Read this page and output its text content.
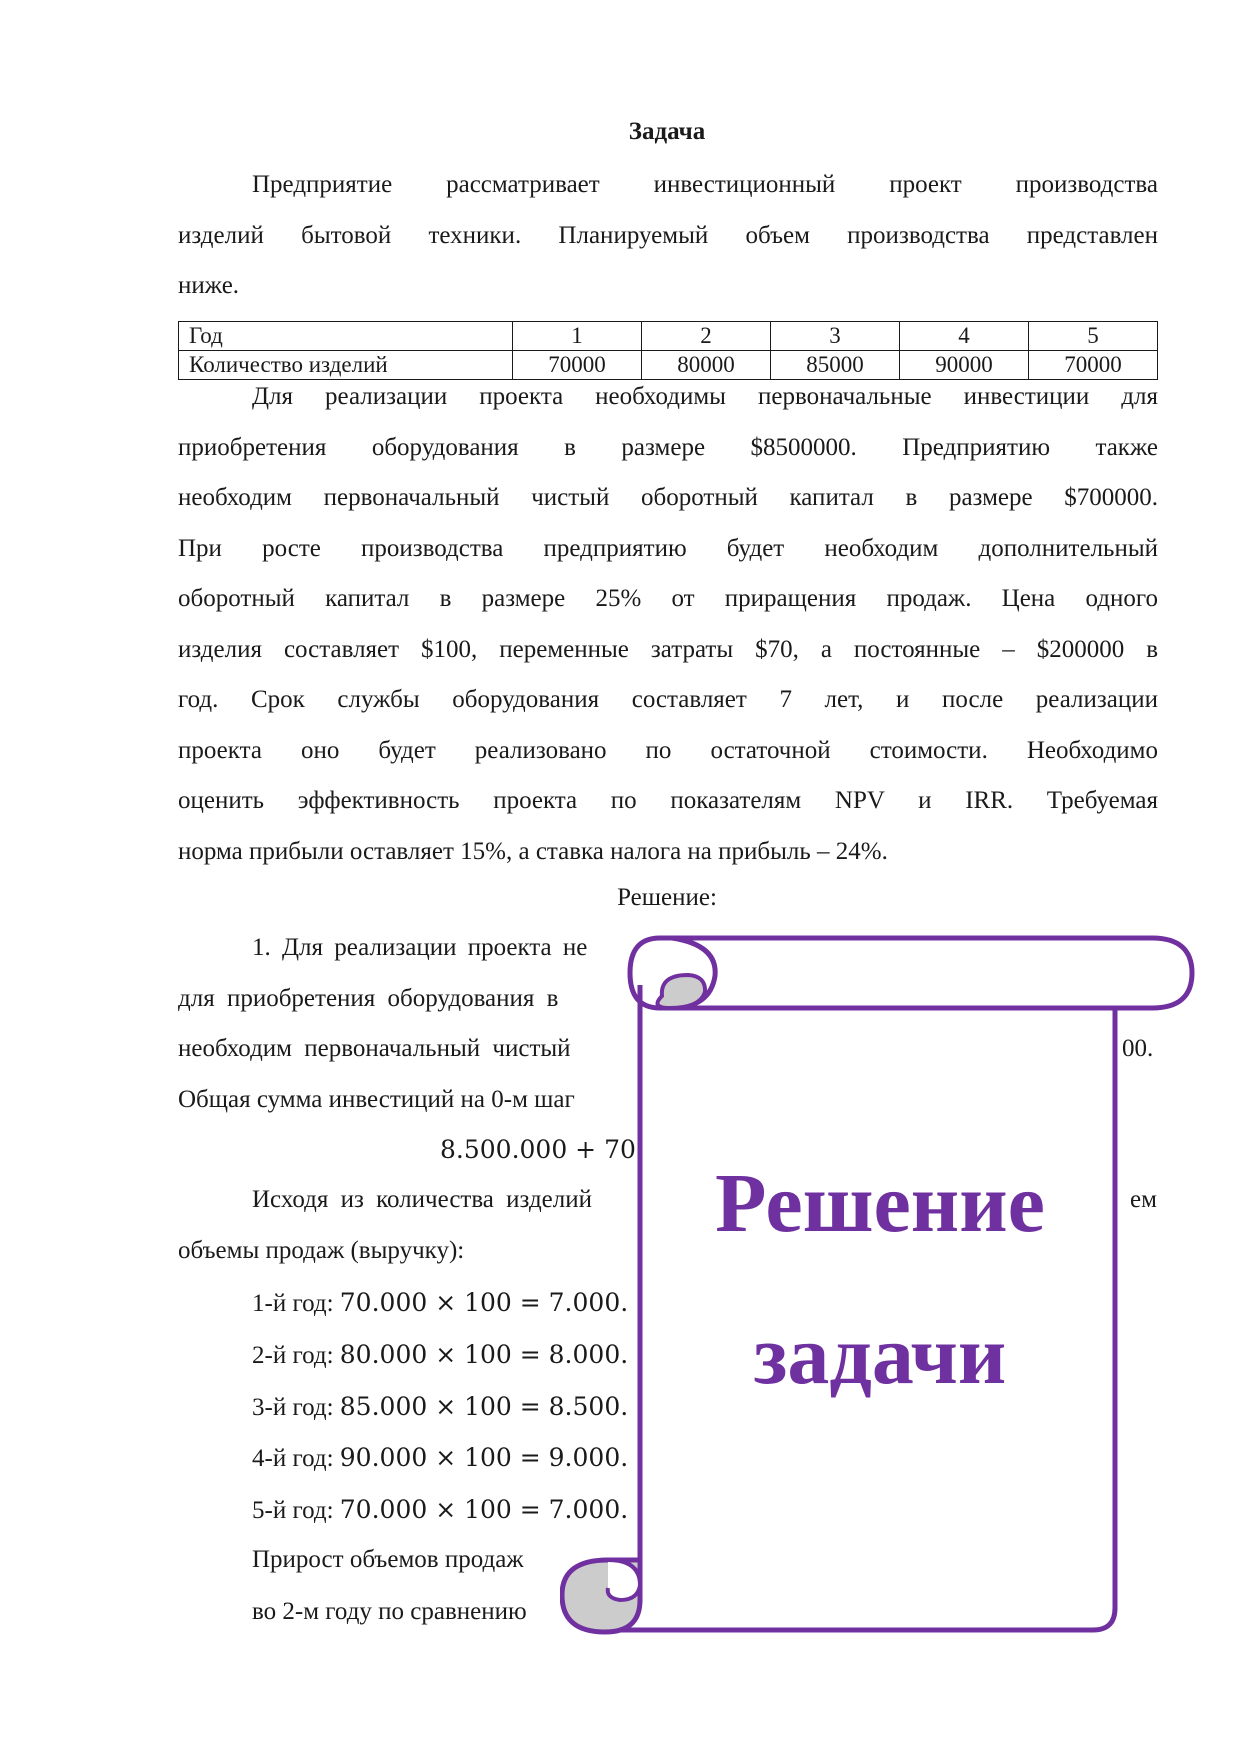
Задача
Предприятие рассматривает инвестиционный проект производства
изделий бытовой техники. Планируемый объем производства представлен
ниже.
Год	1	2	3	4	5
Количество изделий	70000	80000	85000	90000	70000
Для реализации проекта необходимы первоначальные инвестиции для
приобретения оборудования в размере $8500000. Предприятию также
необходим первоначальный чистый оборотный капитал в размере $700000.
При росте производства предприятию будет необходим дополнительный
оборотный капитал в размере 25% от приращения продаж. Цена одного
изделия составляет $100, переменные затраты $70, а постоянные – $200000 в
год. Срок службы оборудования составляет 7 лет, и после реализации
проекта оно будет реализовано по остаточной стоимости. Необходимо
оценить эффективность проекта по показателям NPV и IRR. Требуемая
норма прибыли оставляет 15%, а ставка налога на прибыль – 24%.
Решение:
1. Для реализации проекта не
для приобретения оборудования в
необходим первоначальный чистый
Общая сумма инвестиций на 0-м шаг
00.
8.500.000 + 70
Исходя из количества изделий
объемы продаж (выручку):
ем
1-й год: 70.000 × 100 = 7.000.
2-й год: 80.000 × 100 = 8.000.
3-й год: 85.000 × 100 = 8.500.
4-й год: 90.000 × 100 = 9.000.
5-й год: 70.000 × 100 = 7.000.
Прирост объемов продаж
во 2-м году по сравнению
Решение
задачи
